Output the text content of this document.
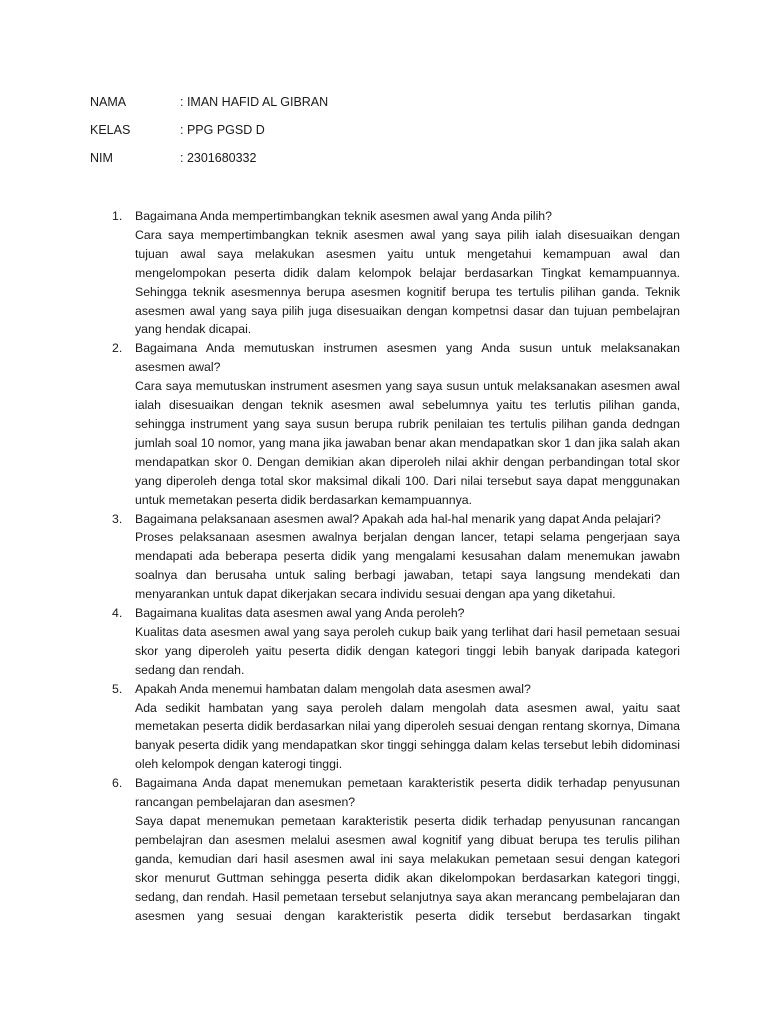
NAMA	: IMAN HAFID AL GIBRAN
KELAS	: PPG PGSD D
NIM	: 2301680332
1. Bagaimana Anda mempertimbangkan teknik asesmen awal yang Anda pilih?
Cara saya mempertimbangkan teknik asesmen awal yang saya pilih ialah disesuaikan dengan tujuan awal saya melakukan asesmen yaitu untuk mengetahui kemampuan awal dan mengelompokan peserta didik dalam kelompok belajar berdasarkan Tingkat kemampuannya. Sehingga teknik asesmennya berupa asesmen kognitif berupa tes tertulis pilihan ganda. Teknik asesmen awal yang saya pilih juga disesuaikan dengan kompetnsi dasar dan tujuan pembelajran yang hendak dicapai.
2. Bagaimana Anda memutuskan instrumen asesmen yang Anda susun untuk melaksanakan asesmen awal?
Cara saya memutuskan instrument asesmen yang saya susun untuk melaksanakan asesmen awal ialah disesuaikan dengan teknik asesmen awal sebelumnya yaitu tes terlutis pilihan ganda, sehingga instrument yang saya susun berupa rubrik penilaian tes tertulis pilihan ganda dedngan jumlah soal 10 nomor, yang mana jika jawaban benar akan mendapatkan skor 1 dan jika salah akan mendapatkan skor 0. Dengan demikian akan diperoleh nilai akhir dengan perbandingan total skor yang diperoleh denga total skor maksimal dikali 100. Dari nilai tersebut saya dapat menggunakan untuk memetakan peserta didik berdasarkan kemampuannya.
3. Bagaimana pelaksanaan asesmen awal? Apakah ada hal-hal menarik yang dapat Anda pelajari?
Proses pelaksanaan asesmen awalnya berjalan dengan lancer, tetapi selama pengerjaan saya mendapati ada beberapa peserta didik yang mengalami kesusahan dalam menemukan jawabn soalnya dan berusaha untuk saling berbagi jawaban, tetapi saya langsung mendekati dan menyarankan untuk dapat dikerjakan secara individu sesuai dengan apa yang diketahui.
4. Bagaimana kualitas data asesmen awal yang Anda peroleh?
Kualitas data asesmen awal yang saya peroleh cukup baik yang terlihat dari hasil pemetaan sesuai skor yang diperoleh yaitu peserta didik dengan kategori tinggi lebih banyak daripada kategori sedang dan rendah.
5. Apakah Anda menemui hambatan dalam mengolah data asesmen awal?
Ada sedikit hambatan yang saya peroleh dalam mengolah data asesmen awal, yaitu saat memetakan peserta didik berdasarkan nilai yang diperoleh sesuai dengan rentang skornya, Dimana banyak peserta didik yang mendapatkan skor tinggi sehingga dalam kelas tersebut lebih didominasi oleh kelompok dengan katerogi tinggi.
6. Bagaimana Anda dapat menemukan pemetaan karakteristik peserta didik terhadap penyusunan rancangan pembelajaran dan asesmen?
Saya dapat menemukan pemetaan karakteristik peserta didik terhadap penyusunan rancangan pembelajran dan asesmen melalui asesmen awal kognitif yang dibuat berupa tes terulis pilihan ganda, kemudian dari hasil asesmen awal ini saya melakukan pemetaan sesui dengan kategori skor menurut Guttman sehingga peserta didik akan dikelompokan berdasarkan kategori tinggi, sedang, dan rendah. Hasil pemetaan tersebut selanjutnya saya akan merancang pembelajaran dan asesmen yang sesuai dengan karakteristik peserta didik tersebut berdasarkan tingakt
